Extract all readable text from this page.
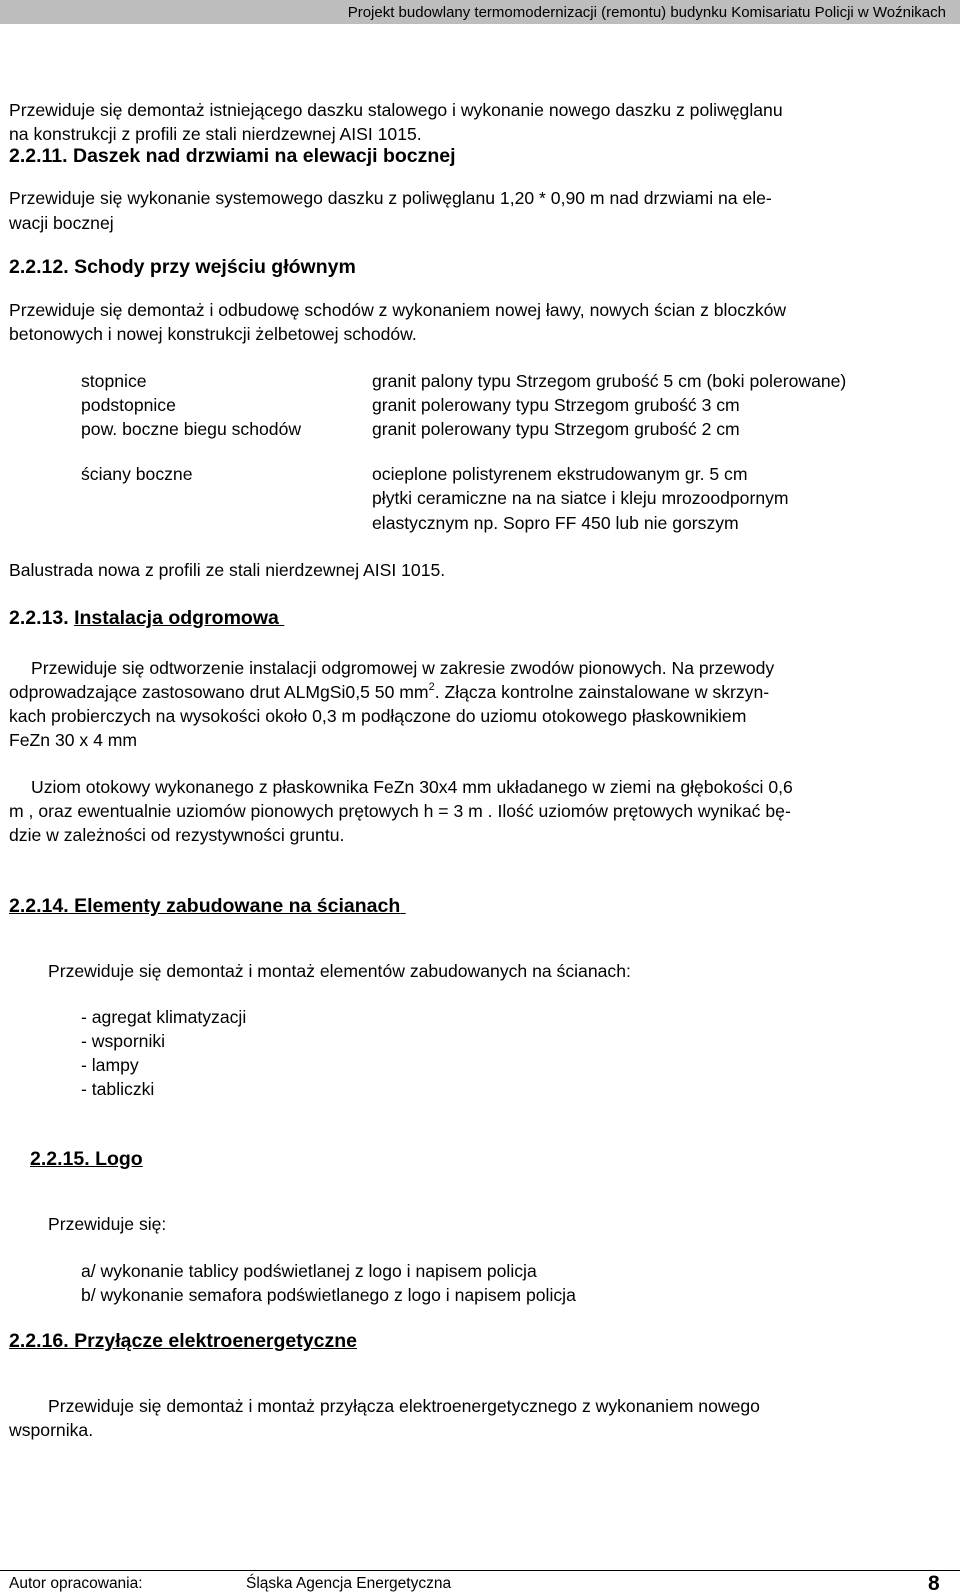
Projekt budowlany termomodernizacji (remontu) budynku Komisariatu Policji w Woźnikach
Przewiduje się demontaż istniejącego daszku stalowego i wykonanie nowego daszku z poliwęglanu
na konstrukcji z profili ze stali nierdzewnej AISI 1015.
2.2.11. Daszek nad drzwiami na elewacji bocznej
Przewiduje się wykonanie systemowego daszku z poliwęglanu 1,20 * 0,90 m nad drzwiami na ele-
wacji bocznej
2.2.12. Schody przy wejściu głównym
Przewiduje się demontaż i odbudowę schodów z wykonaniem nowej ławy, nowych ścian z bloczków
betonowych i nowej konstrukcji żelbetowej schodów.
stopnice	granit palony typu Strzegom grubość 5 cm (boki polerowane)
podstopnice	granit polerowany typu Strzegom grubość 3 cm
pow. boczne biegu schodów	granit polerowany typu Strzegom grubość 2 cm
ściany boczne	ocieplone polistyrenem ekstrudowanym gr. 5 cm
płytki ceramiczne na na siatce i kleju mrozoodpornym
elastycznym np. Sopro FF 450 lub nie gorszym
Balustrada nowa z profili ze stali nierdzewnej AISI 1015.
2.2.13. Instalacja odgromowa
Przewiduje się odtworzenie instalacji odgromowej w zakresie zwodów pionowych. Na przewody
odprowadzające zastosowano drut ALMgSi0,5 50 $mm^2$. Złącza kontrolne zainstalowane w skrzyn-
kach probierczych na wysokości około 0,3 m podłączone do uziomu otokowego płaskownikiem
FeZn 30 x 4 mm
Uziom otokowy wykonanego z płaskownika FeZn 30x4 mm układanego w ziemi na głębokości 0,6
m , oraz ewentualnie uziomów pionowych prętowych h = 3 m . Ilość uziomów prętowych wynikać bę-
dzie w zależności od rezystywności gruntu.
2.2.14. Elementy zabudowane na ścianach
Przewiduje się demontaż i montaż elementów zabudowanych na ścianach:
- agregat klimatyzacji
- wsporniki
- lampy
- tabliczki
2.2.15. Logo
Przewiduje się:
a/ wykonanie tablicy podświetlanej z logo i napisem policja
b/ wykonanie semafora podświetlanego z logo i napisem policja
2.2.16. Przyłącze elektroenergetyczne
Przewiduje się demontaż i montaż przyłącza elektroenergetycznego z wykonaniem nowego
wspornika.
Autor opracowania:	Śląska Agencja Energetyczna	8
